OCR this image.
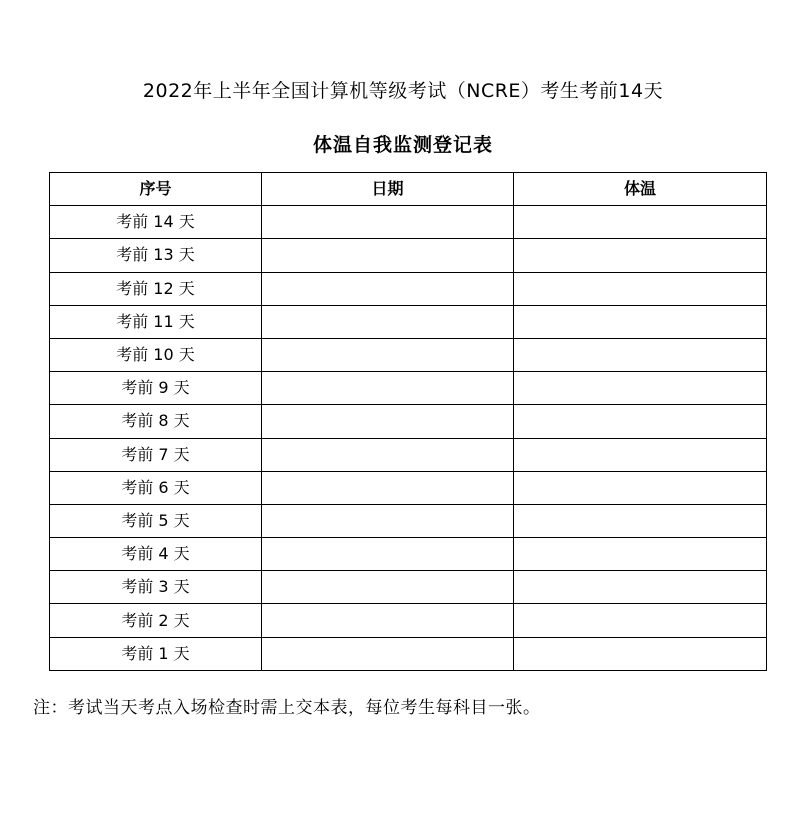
2022年上半年全国计算机等级考试（NCRE）考生考前14天
体温自我监测登记表
序号	日期	体温
考前 14 天		
考前 13 天		
考前 12 天		
考前 11 天		
考前 10 天		
考前 9 天		
考前 8 天		
考前 7 天		
考前 6 天		
考前 5 天		
考前 4 天		
考前 3 天		
考前 2 天		
考前 1 天		
注：考试当天考点入场检查时需上交本表，每位考生每科目一张。
